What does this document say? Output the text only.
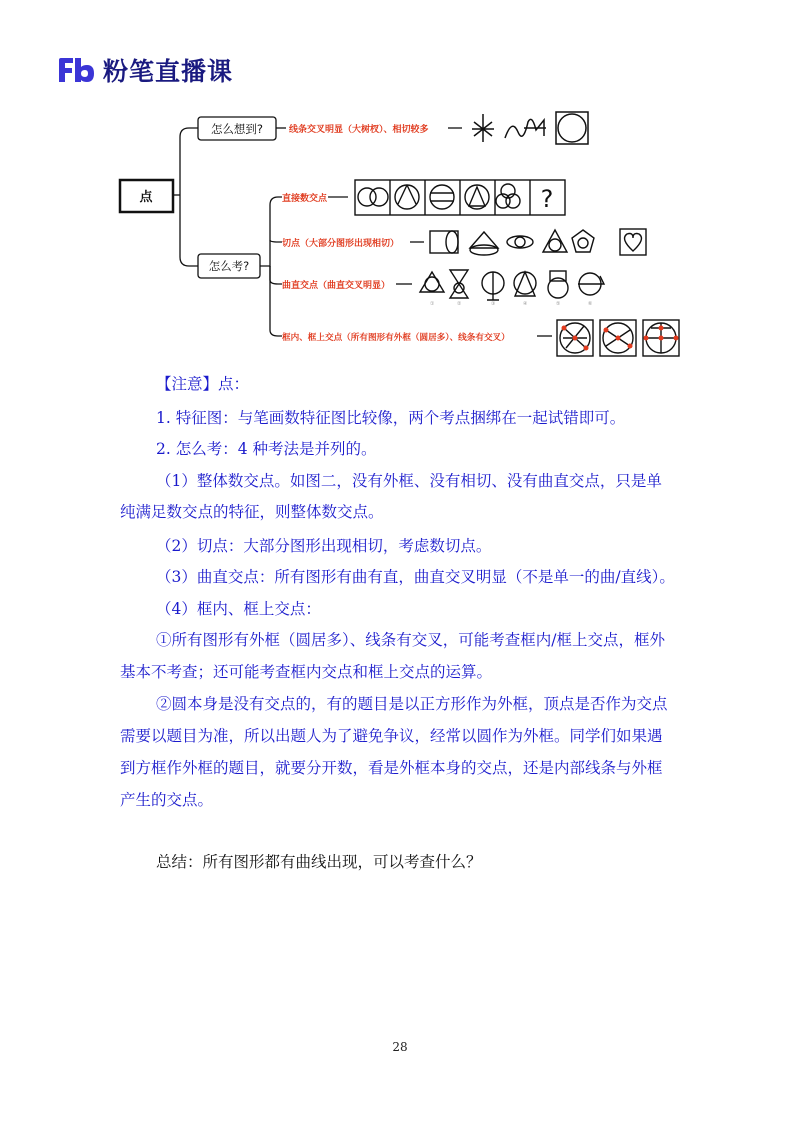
粉笔直播课
点
怎么想到?	线条交叉明显（大树杈）、相切较多
怎么考?
直接数交点
切点（大部分图形出现相切）
曲直交点（曲直交叉明显）
框内、框上交点（所有图形有外框（圆居多）、线条有交叉）
?
①	②	③	④	⑤	⑥
【注意】点：
1. 特征图：与笔画数特征图比较像，两个考点捆绑在一起试错即可。
2. 怎么考：4 种考法是并列的。
（1）整体数交点。如图二，没有外框、没有相切、没有曲直交点，只是单
纯满足数交点的特征，则整体数交点。
（2）切点：大部分图形出现相切，考虑数切点。
（3）曲直交点：所有图形有曲有直，曲直交叉明显（不是单一的曲/直线）。
（4）框内、框上交点：
①所有图形有外框（圆居多）、线条有交叉，可能考查框内/框上交点，框外
基本不考查；还可能考查框内交点和框上交点的运算。
②圆本身是没有交点的，有的题目是以正方形作为外框，顶点是否作为交点
需要以题目为准，所以出题人为了避免争议，经常以圆作为外框。同学们如果遇
到方框作外框的题目，就要分开数，看是外框本身的交点，还是内部线条与外框
产生的交点。
总结：所有图形都有曲线出现，可以考查什么？
28
